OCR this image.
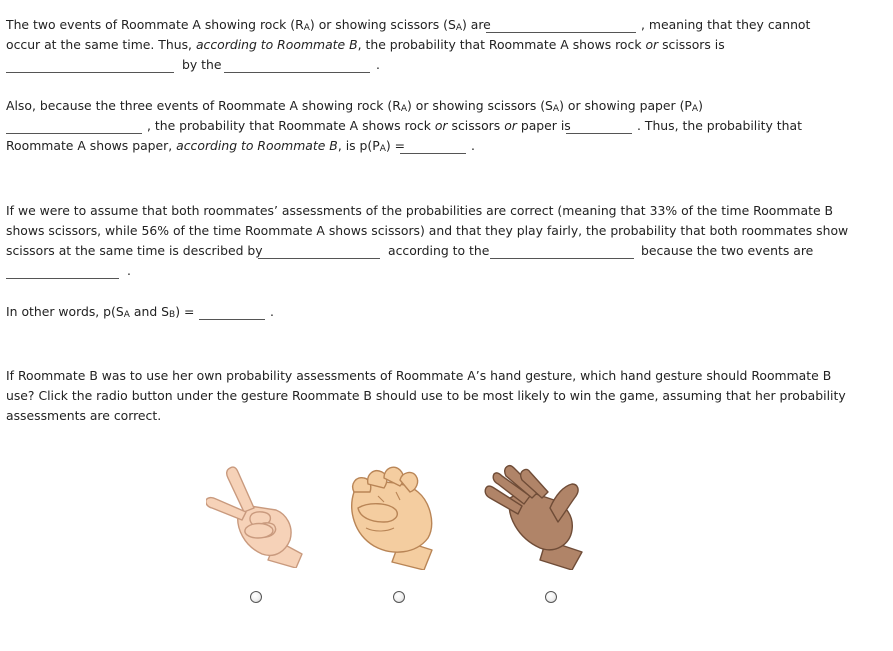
The two events of Roommate A showing rock (RA) or showing scissors (SA) are	, meaning that they cannot
occur at the same time. Thus, according to Roommate B, the probability that Roommate A shows rock or scissors is
by the	.
Also, because the three events of Roommate A showing rock (RA) or showing scissors (SA) or showing paper (PA)
, the probability that Roommate A shows rock or scissors or paper is	. Thus, the probability that
Roommate A shows paper, according to Roommate B, is p(PA) =	.
If we were to assume that both roommates’ assessments of the probabilities are correct (meaning that 33% of the time Roommate B
shows scissors, while 56% of the time Roommate A shows scissors) and that they play fairly, the probability that both roommates show
scissors at the same time is described by	according to the	because the two events are
.
In other words, p(SA and SB) =	.
If Roommate B was to use her own probability assessments of Roommate A’s hand gesture, which hand gesture should Roommate B
use? Click the radio button under the gesture Roommate B should use to be most likely to win the game, assuming that her probability
assessments are correct.
